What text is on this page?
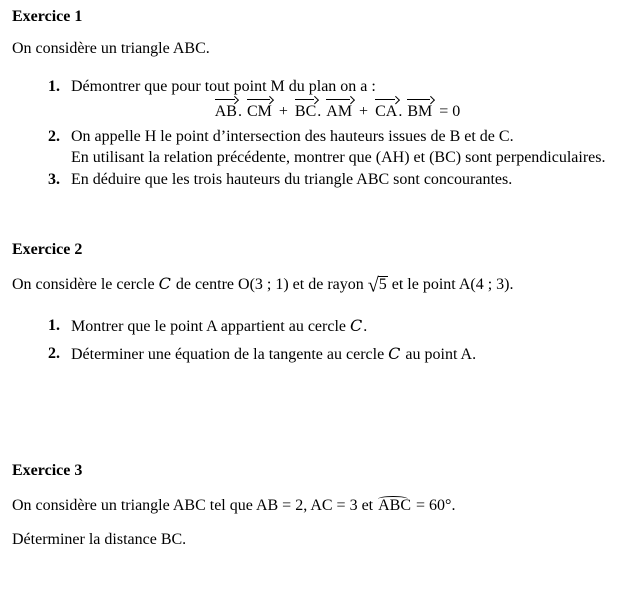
Exercice 1

On considère un triangle ABC.

1. Démontrer que pour tout point M du plan on a :
AB. CM + BC. AM + CA. BM = 0
2. On appelle H le point d’intersection des hauteurs issues de B et de C.
En utilisant la relation précédente, montrer que (AH) et (BC) sont perpendiculaires.
3. En déduire que les trois hauteurs du triangle ABC sont concourantes.
Exercice 2

On considère le cercle C de centre O(3 ; 1) et de rayon √5 et le point A(4 ; 3).

1. Montrer que le point A appartient au cercle C.
2. Déterminer une équation de la tangente au cercle C au point A.
Exercice 3

On considère un triangle ABC tel que AB = 2, AC = 3 et ABC = 60°.

Déterminer la distance BC.
